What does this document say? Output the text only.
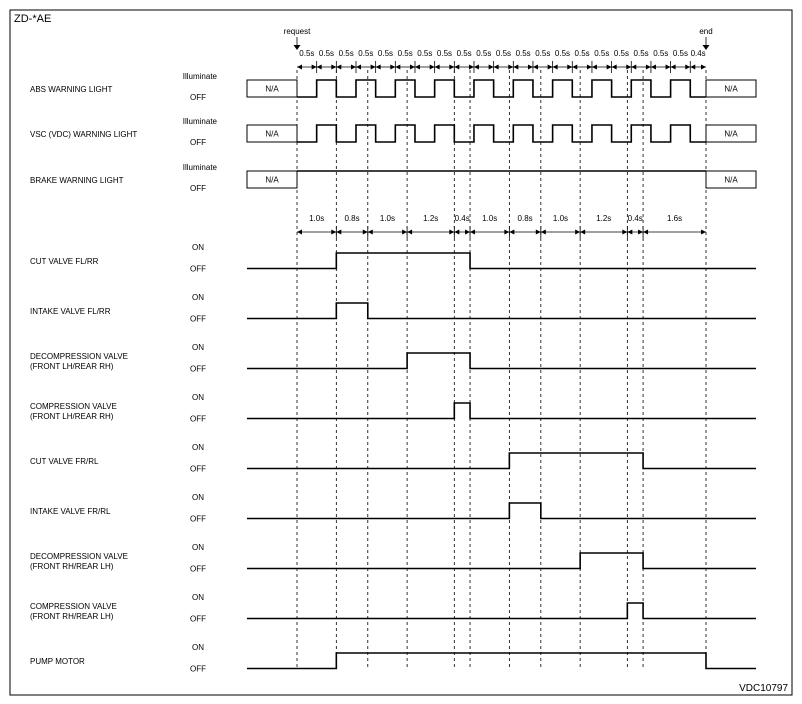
ZD-*AE
VDC10797
request	end
0.5s 0.5s 0.5s 0.5s 0.5s 0.5s 0.5s 0.5s 0.5s 0.5s 0.5s 0.5s 0.5s 0.5s 0.5s 0.5s 0.5s 0.5s 0.5s 0.5s 0.4s
ABS WARNING LIGHT
Illuminate
OFF
N/A	N/A
VSC (VDC) WARNING LIGHT
Illuminate
OFF
N/A	N/A
BRAKE WARNING LIGHT
Illuminate
OFF
N/A	N/A
1.0s	0.8s	1.0s	1.2s 0.4s 1.0s	0.8s	1.0s	1.2s 0.4s	1.6s
CUT VALVE FL/RR
ON
OFF
INTAKE VALVE FL/RR
ON
OFF
DECOMPRESSION VALVE
(FRONT LH/REAR RH)
ON
OFF
COMPRESSION VALVE
(FRONT LH/REAR RH)
ON
OFF
CUT VALVE FR/RL
ON
OFF
INTAKE VALVE FR/RL
ON
OFF
DECOMPRESSION VALVE
(FRONT RH/REAR LH)
ON
OFF
COMPRESSION VALVE
(FRONT RH/REAR LH)
ON
OFF
PUMP MOTOR
ON
OFF
